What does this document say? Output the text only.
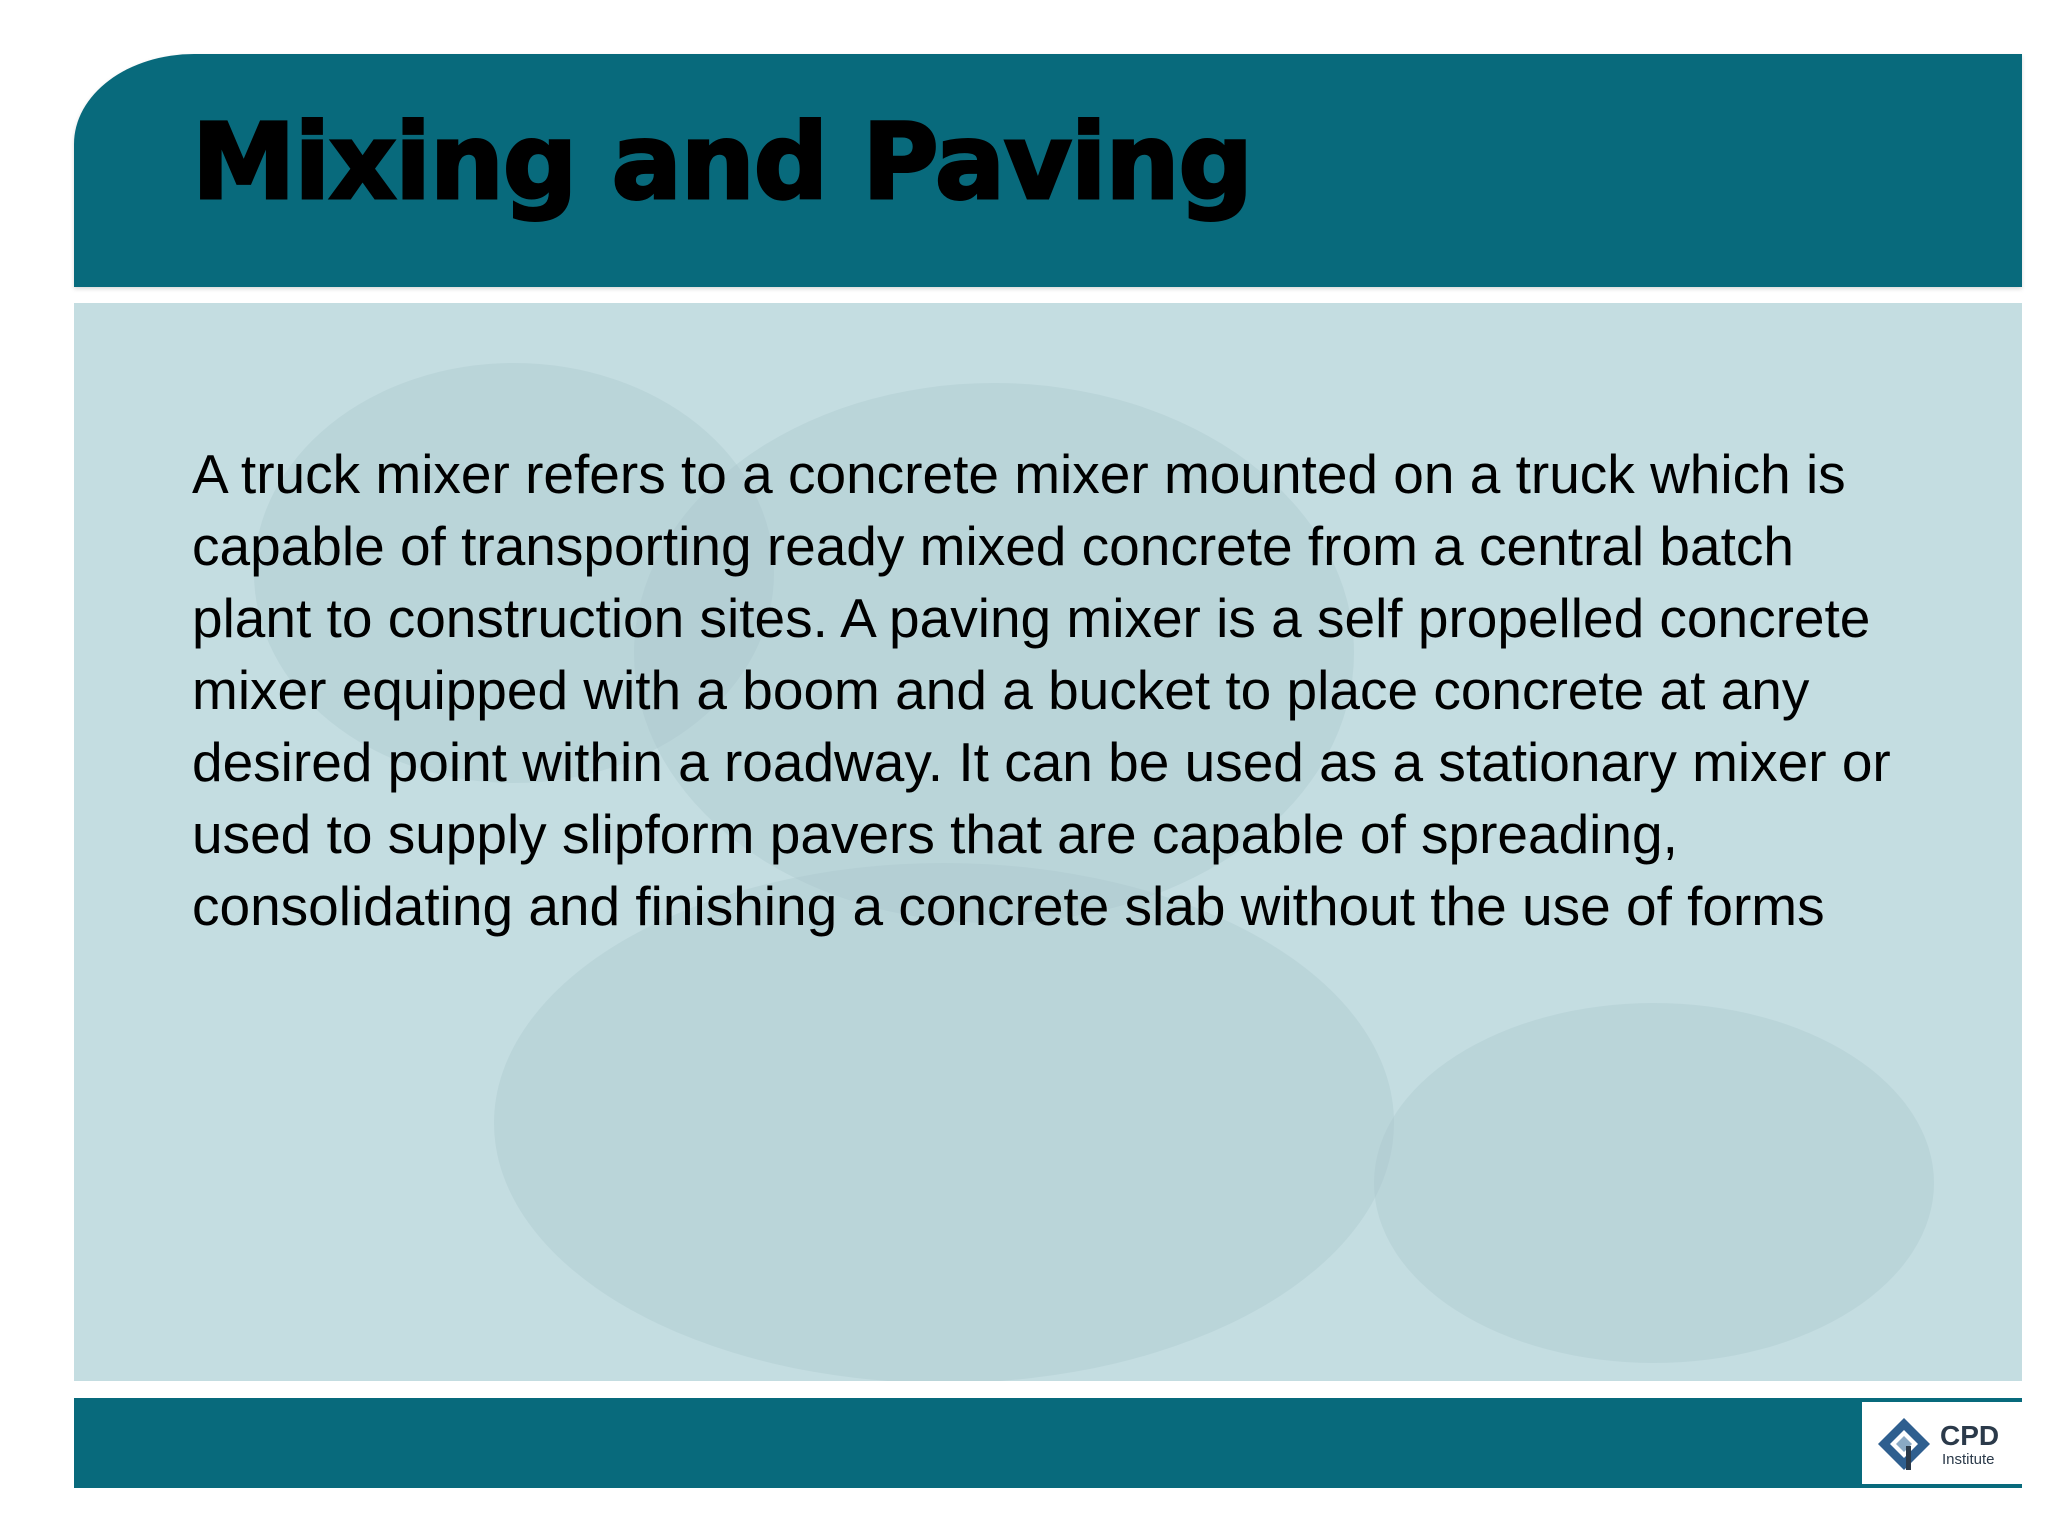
Mixing and Paving

A truck mixer refers to a concrete mixer mounted on a truck which is capable of transporting ready mixed concrete from a central batch plant to construction sites. A paving mixer is a self propelled concrete mixer equipped with a boom and a bucket to place concrete at any desired point within a roadway. It can be used as a stationary mixer or used to supply slipform pavers that are capable of spreading, consolidating and finishing a concrete slab without the use of forms

CPD
Institute
